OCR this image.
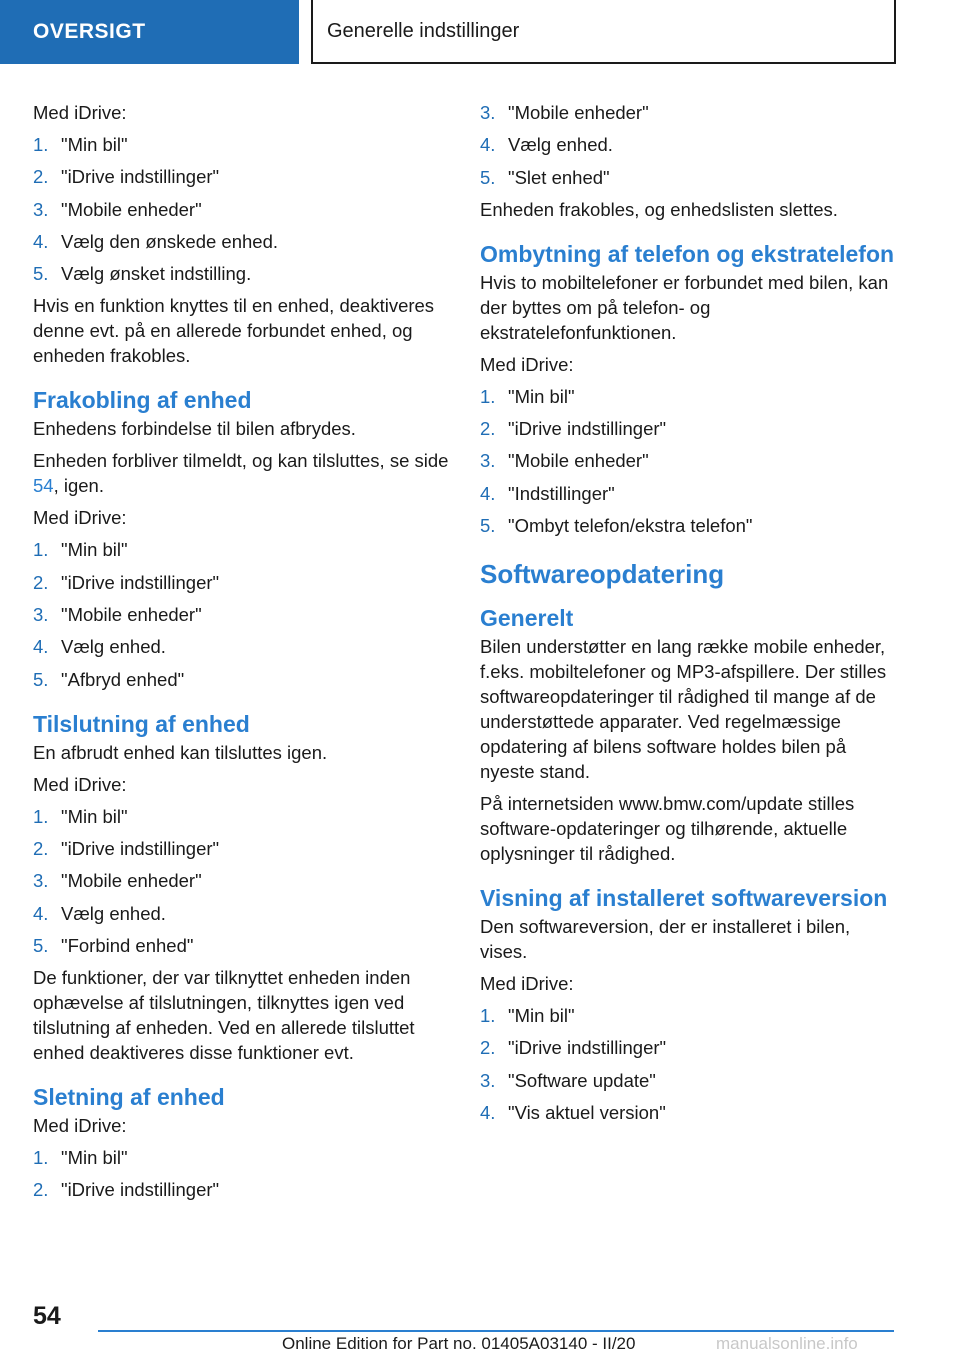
OVERSIGT	Generelle indstillinger

Med iDrive:

1. "Min bil"
2. "iDrive indstillinger"
3. "Mobile enheder"
4. Vælg den ønskede enhed.
5. Vælg ønsket indstilling.

Hvis en funktion knyttes til en enhed, deaktiveres denne evt. på en allerede forbundet enhed, og enheden frakobles.

Frakobling af enhed

Enhedens forbindelse til bilen afbrydes.

Enheden forbliver tilmeldt, og kan tilsluttes, se side 54, igen.

Med iDrive:

1. "Min bil"
2. "iDrive indstillinger"
3. "Mobile enheder"
4. Vælg enhed.
5. "Afbryd enhed"
Tilslutning af enhed

En afbrudt enhed kan tilsluttes igen.

Med iDrive:

1. "Min bil"
2. "iDrive indstillinger"
3. "Mobile enheder"
4. Vælg enhed.
5. "Forbind enhed"

De funktioner, der var tilknyttet enheden inden ophævelse af tilslutningen, tilknyttes igen ved tilslutning af enheden. Ved en allerede tilsluttet enhed deaktiveres disse funktioner evt.

Sletning af enhed

Med iDrive:

1. "Min bil"
2. "iDrive indstillinger"
3. "Mobile enheder"
4. Vælg enhed.
5. "Slet enhed"

Enheden frakobles, og enhedslisten slettes.

Ombytning af telefon og ekstratelefon

Hvis to mobiltelefoner er forbundet med bilen, kan der byttes om på telefon- og ekstratelefonfunktionen.

Med iDrive:

1. "Min bil"
2. "iDrive indstillinger"
3. "Mobile enheder"
4. "Indstillinger"
5. "Ombyt telefon/ekstra telefon"
Softwareopdatering
Generelt

Bilen understøtter en lang række mobile enheder, f.eks. mobiltelefoner og MP3-afspillere. Der stilles softwareopdateringer til rådighed til mange af de understøttede apparater. Ved regelmæssige opdatering af bilens software holdes bilen på nyeste stand.

På internetsiden www.bmw.com/update stilles software-opdateringer og tilhørende, aktuelle oplysninger til rådighed.

Visning af installeret softwareversion

Den softwareversion, der er installeret i bilen, vises.

Med iDrive:

1. "Min bil"
2. "iDrive indstillinger"
3. "Software update"
4. "Vis aktuel version"
54
Online Edition for Part no. 01405A03140 - II/20	manualsonline.info
